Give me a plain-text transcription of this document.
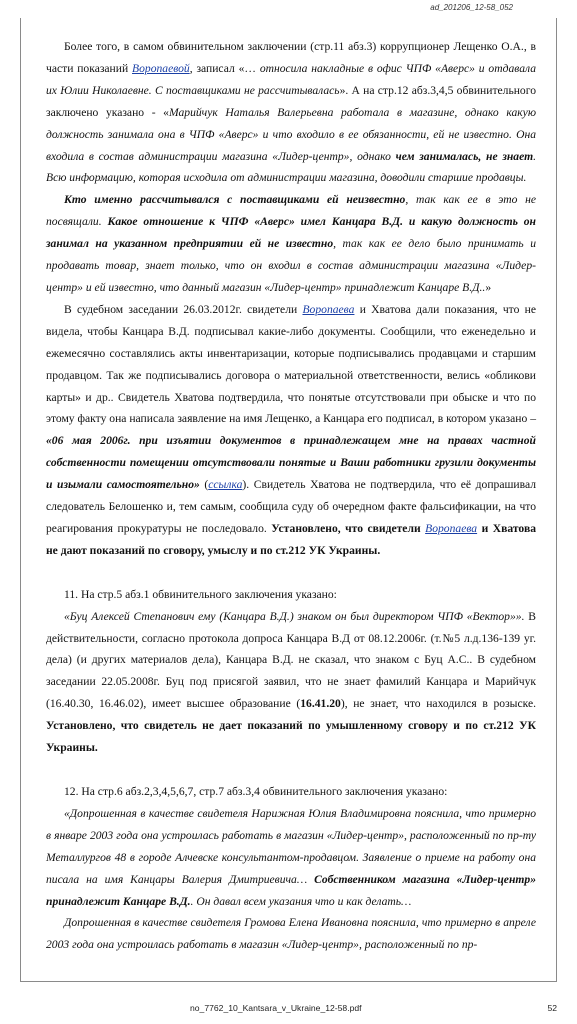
ad_201206_12-58_052

Более того, в самом обвинительном заключении (стр.11 абз.3) коррупционер Лещенко О.А., в части показаний Воропаевой, записал «… относила накладные в офис ЧПФ «Аверс» и отдавала их Юлии Николаевне. С поставщиками не рассчитывалась». А на стр.12 абз.3,4,5 обвинительного заключено указано - «Марийчук Наталья Валерьевна работала в магазине, однако какую должность занимала она в ЧПФ «Аверс» и что входило в ее обязанности, ей не известно. Она входила в состав администрации магазина «Лидер-центр», однако чем занималась, не знает. Всю информацию, которая исходила от администрации магазина, доводили старшие продавцы.

Кто именно рассчитывался с поставщиками ей неизвестно, так как ее в это не посвящали. Какое отношение к ЧПФ «Аверс» имел Канцара В.Д. и какую должность он занимал на указанном предприятии ей не известно, так как ее дело было принимать и продавать товар, знает только, что он входил в состав администрации магазина «Лидер-центр» и ей известно, что данный магазин «Лидер-центр» принадлежит Канцаре В.Д..»

В судебном заседании 26.03.2012г. свидетели Воропаева и Хватова дали показания, что не видела, чтобы Канцара В.Д. подписывал какие-либо документы. Сообщили, что еженедельно и ежемесячно составлялись акты инвентаризации, которые подписывались продавцами и старшим продавцом. Так же подписывались договора о материальной ответственности, велись «обликови карты» и др.. Свидетель Хватова подтвердила, что понятые отсутствовали при обыске и что по этому факту она написала заявление на имя Лещенко, а Канцара его подписал, в котором указано – «06 мая 2006г. при изъятии документов в принадлежащем мне на правах частной собственности помещении отсутствовали понятые и Ваши работники грузили документы и изымали самостоятельно» (ссылка). Свидетель Хватова не подтвердила, что её допрашивал следователь Белошенко и, тем самым, сообщила суду об очередном факте фальсификации, на что реагирования прокуратуры не последовало. Установлено, что свидетели Воропаева и Хватова не дают показаний по сговору, умыслу и по ст.212 УК Украины.

11. На стр.5 абз.1 обвинительного заключения указано:

«Буц Алексей Степанович ему (Канцара В.Д.) знаком он был директором ЧПФ «Вектор»». В действительности, согласно протокола допроса Канцара В.Д от 08.12.2006г. (т.№5 л.д.136-139 уг. дела) (и других материалов дела), Канцара В.Д. не сказал, что знаком с Буц А.С.. В судебном заседании 22.05.2008г. Буц под присягой заявил, что не знает фамилий Канцара и Марийчук (16.40.30, 16.46.02), имеет высшее образование (16.41.20), не знает, что находился в розыске. Установлено, что свидетель не дает показаний по умышленному сговору и по ст.212 УК Украины.

12. На стр.6 абз.2,3,4,5,6,7, стр.7 абз.3,4 обвинительного заключения указано:

«Допрошенная в качестве свидетеля Нарижная Юлия Владимировна пояснила, что примерно в январе 2003 года она устроилась работать в магазин «Лидер-центр», расположенный по пр-ту Металлургов 48 в городе Алчевске консультантом-продавцом. Заявление о приеме на работу она писала на имя Канцары Валерия Дмитриевича… Собственником магазина «Лидер-центр» принадлежит Канцаре В.Д.. Он давал всем указания что и как делать…

Допрошенная в качестве свидетеля Громова Елена Ивановна пояснила, что примерно в апреле 2003 года она устроилась работать в магазин «Лидер-центр», расположенный по пр-

no_7762_10_Kantsara_v_Ukraine_12-58.pdf	52
